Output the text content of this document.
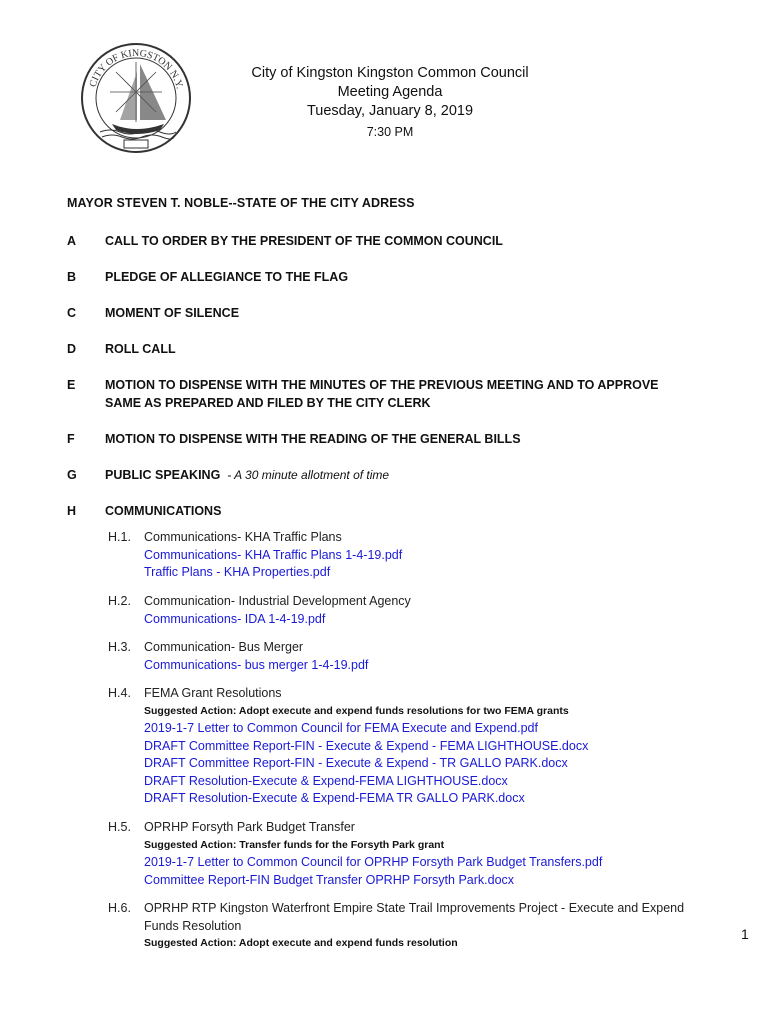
CITY OF KINGSTON N.Y.
City of Kingston Kingston Common Council
Meeting Agenda
Tuesday, January 8, 2019
7:30 PM
MAYOR STEVEN T. NOBLE--STATE OF THE CITY ADRESS
A	CALL TO ORDER BY THE PRESIDENT OF THE COMMON COUNCIL
B	PLEDGE OF ALLEGIANCE TO THE FLAG
C	MOMENT OF SILENCE
D	ROLL CALL
E	MOTION TO DISPENSE WITH THE MINUTES OF THE PREVIOUS MEETING AND TO APPROVE
SAME AS PREPARED AND FILED BY THE CITY CLERK
F	MOTION TO DISPENSE WITH THE READING OF THE GENERAL BILLS
G	PUBLIC SPEAKING - A 30 minute allotment of time
H	COMMUNICATIONS
H.1.	Communications- KHA Traffic Plans
Communications- KHA Traffic Plans 1-4-19.pdf
Traffic Plans - KHA Properties.pdf
H.2.	Communication- Industrial Development Agency
Communications- IDA 1-4-19.pdf
H.3.	Communication- Bus Merger
Communications- bus merger 1-4-19.pdf
H.4.	FEMA Grant Resolutions
Suggested Action: Adopt execute and expend funds resolutions for two FEMA grants
2019-1-7 Letter to Common Council for FEMA Execute and Expend.pdf
DRAFT Committee Report-FIN - Execute & Expend - FEMA LIGHTHOUSE.docx
DRAFT Committee Report-FIN - Execute & Expend - TR GALLO PARK.docx
DRAFT Resolution-Execute & Expend-FEMA LIGHTHOUSE.docx
DRAFT Resolution-Execute & Expend-FEMA TR GALLO PARK.docx
H.5.	OPRHP Forsyth Park Budget Transfer
Suggested Action: Transfer funds for the Forsyth Park grant
2019-1-7 Letter to Common Council for OPRHP Forsyth Park Budget Transfers.pdf
Committee Report-FIN Budget Transfer OPRHP Forsyth Park.docx
H.6.	OPRHP RTP Kingston Waterfront Empire State Trail Improvements Project - Execute and Expend
Funds Resolution
Suggested Action: Adopt execute and expend funds resolution
1
